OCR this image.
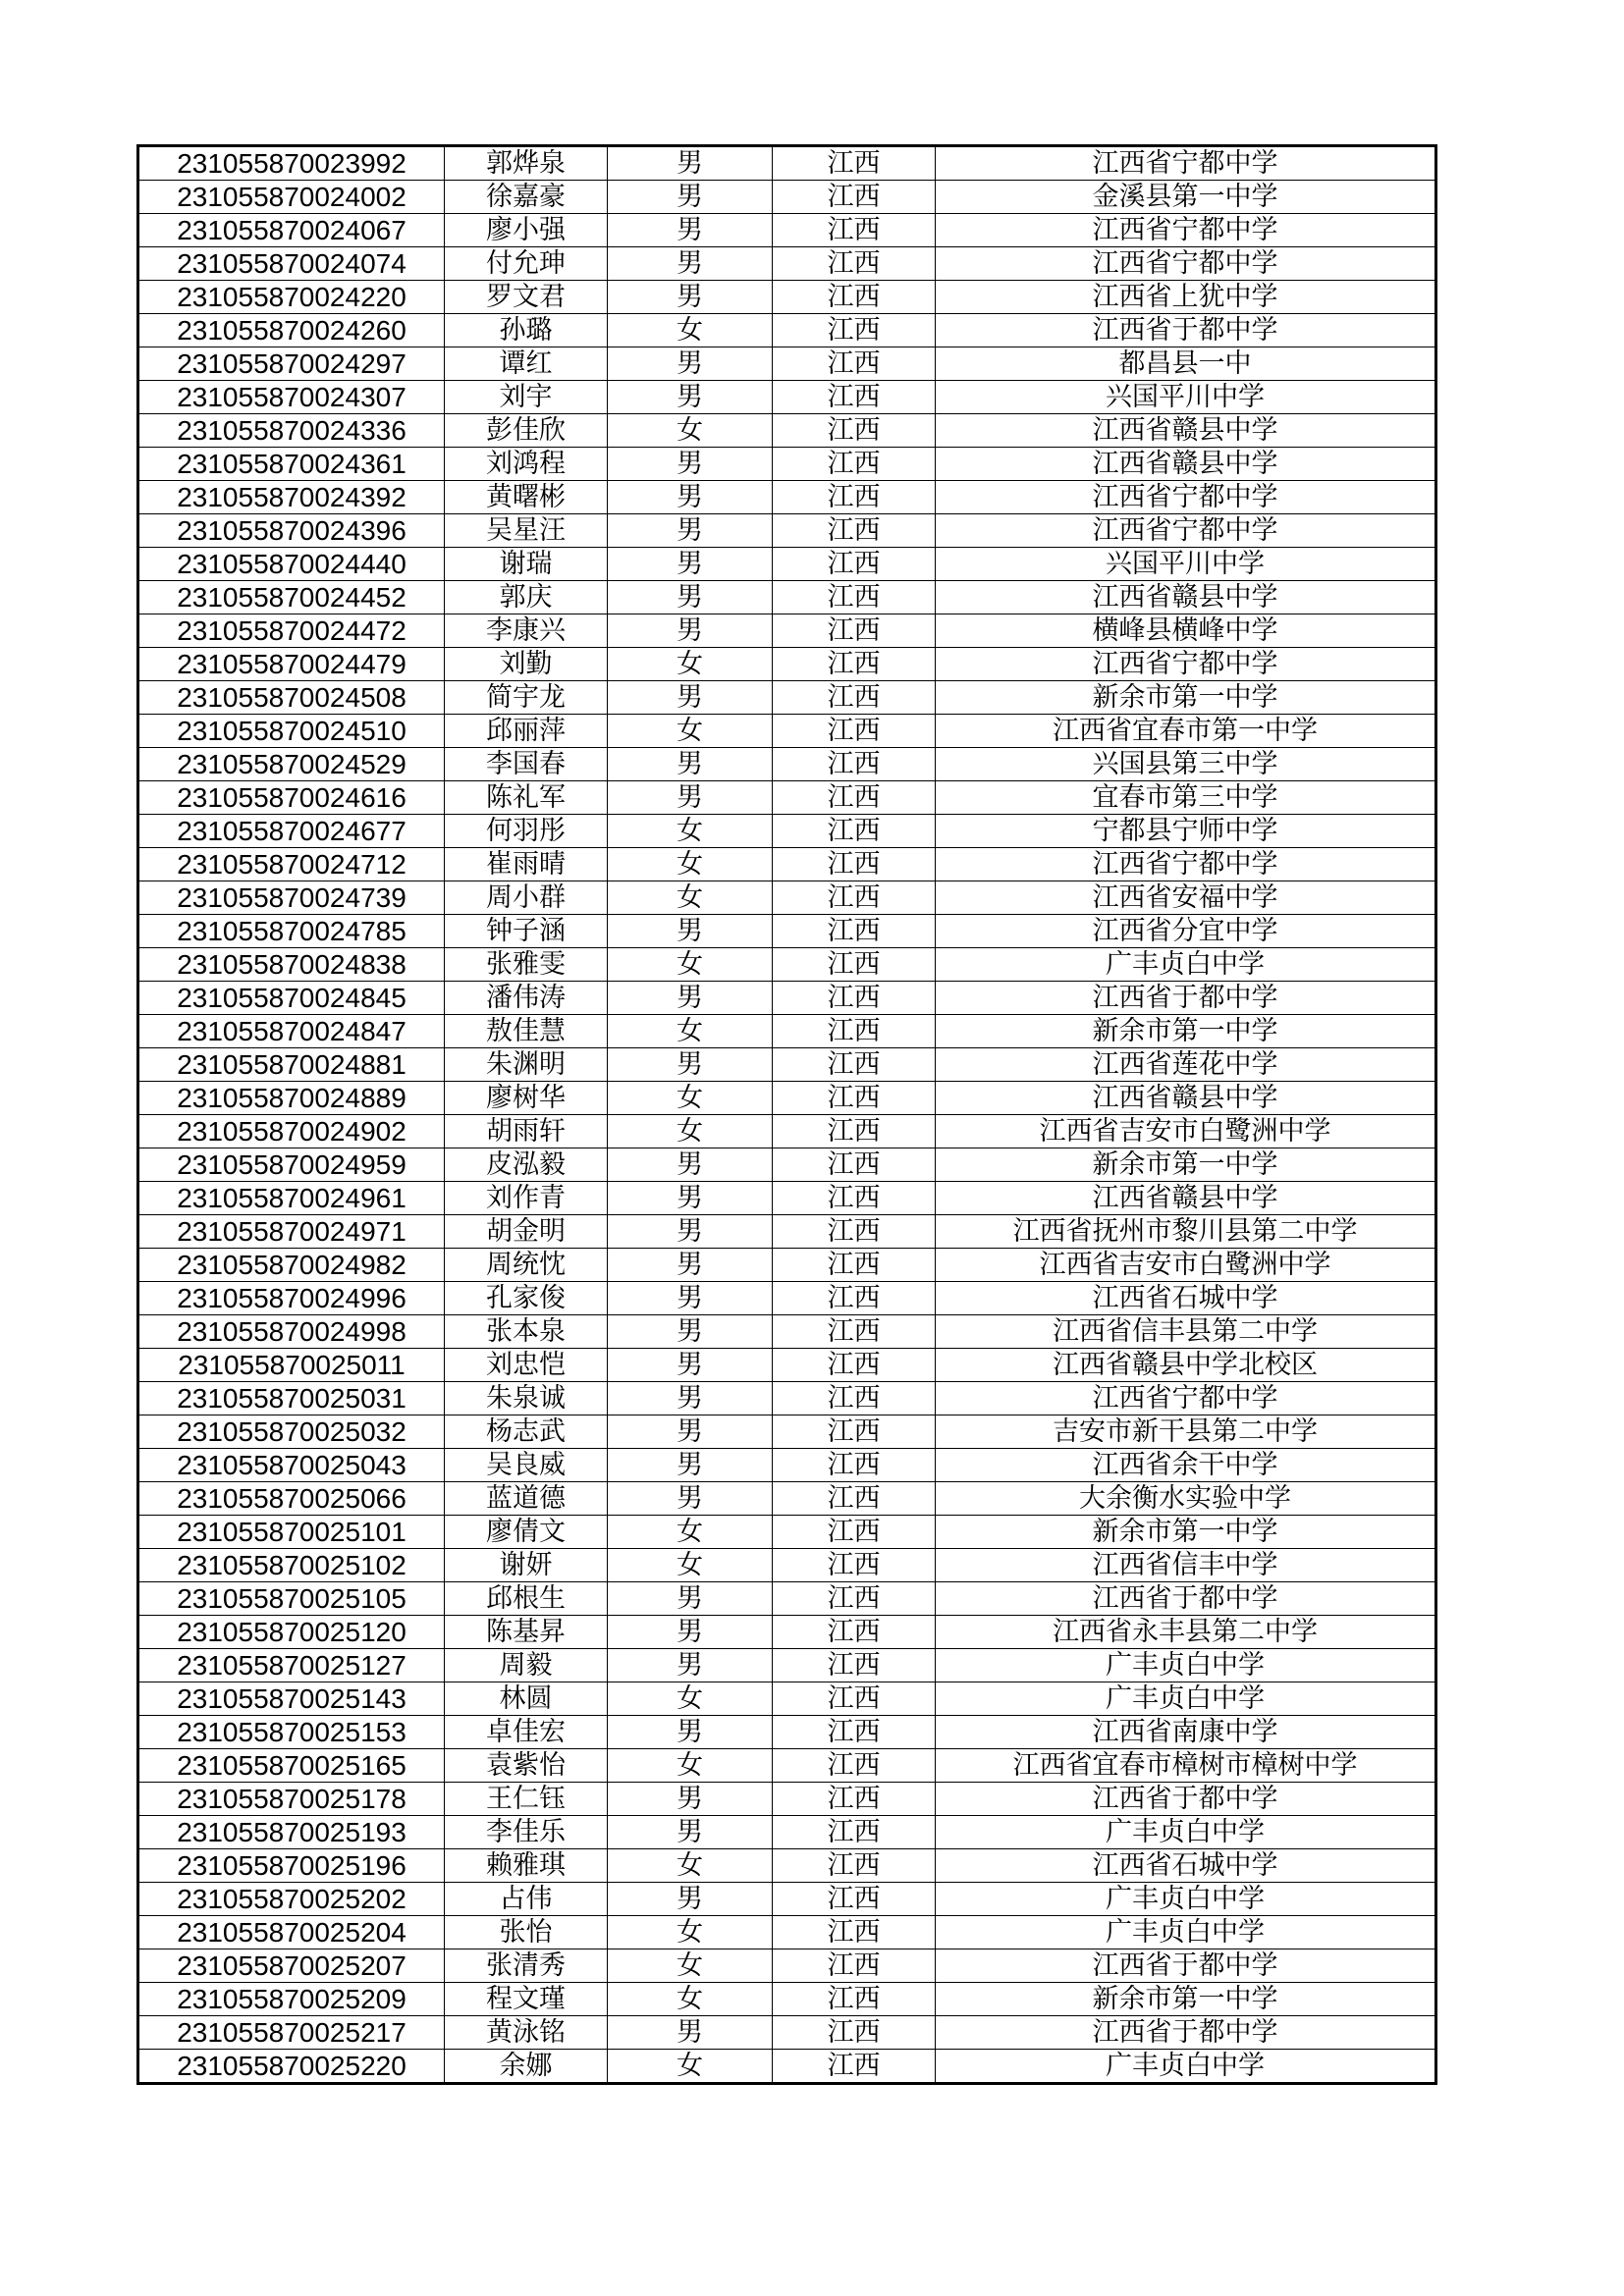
231055870023992	郭烨泉	男	江西	江西省宁都中学
231055870024002	徐嘉豪	男	江西	金溪县第一中学
231055870024067	廖小强	男	江西	江西省宁都中学
231055870024074	付允珅	男	江西	江西省宁都中学
231055870024220	罗文君	男	江西	江西省上犹中学
231055870024260	孙璐	女	江西	江西省于都中学
231055870024297	谭红	男	江西	都昌县一中
231055870024307	刘宇	男	江西	兴国平川中学
231055870024336	彭佳欣	女	江西	江西省赣县中学
231055870024361	刘鸿程	男	江西	江西省赣县中学
231055870024392	黄曙彬	男	江西	江西省宁都中学
231055870024396	吴星汪	男	江西	江西省宁都中学
231055870024440	谢瑞	男	江西	兴国平川中学
231055870024452	郭庆	男	江西	江西省赣县中学
231055870024472	李康兴	男	江西	横峰县横峰中学
231055870024479	刘勤	女	江西	江西省宁都中学
231055870024508	简宇龙	男	江西	新余市第一中学
231055870024510	邱丽萍	女	江西	江西省宜春市第一中学
231055870024529	李国春	男	江西	兴国县第三中学
231055870024616	陈礼军	男	江西	宜春市第三中学
231055870024677	何羽彤	女	江西	宁都县宁师中学
231055870024712	崔雨晴	女	江西	江西省宁都中学
231055870024739	周小群	女	江西	江西省安福中学
231055870024785	钟子涵	男	江西	江西省分宜中学
231055870024838	张雅雯	女	江西	广丰贞白中学
231055870024845	潘伟涛	男	江西	江西省于都中学
231055870024847	敖佳慧	女	江西	新余市第一中学
231055870024881	朱渊明	男	江西	江西省莲花中学
231055870024889	廖树华	女	江西	江西省赣县中学
231055870024902	胡雨轩	女	江西	江西省吉安市白鹭洲中学
231055870024959	皮泓毅	男	江西	新余市第一中学
231055870024961	刘作青	男	江西	江西省赣县中学
231055870024971	胡金明	男	江西	江西省抚州市黎川县第二中学
231055870024982	周统忱	男	江西	江西省吉安市白鹭洲中学
231055870024996	孔家俊	男	江西	江西省石城中学
231055870024998	张本泉	男	江西	江西省信丰县第二中学
231055870025011	刘忠恺	男	江西	江西省赣县中学北校区
231055870025031	朱泉诚	男	江西	江西省宁都中学
231055870025032	杨志武	男	江西	吉安市新干县第二中学
231055870025043	吴良威	男	江西	江西省余干中学
231055870025066	蓝道德	男	江西	大余衡水实验中学
231055870025101	廖倩文	女	江西	新余市第一中学
231055870025102	谢妍	女	江西	江西省信丰中学
231055870025105	邱根生	男	江西	江西省于都中学
231055870025120	陈基昇	男	江西	江西省永丰县第二中学
231055870025127	周毅	男	江西	广丰贞白中学
231055870025143	林圆	女	江西	广丰贞白中学
231055870025153	卓佳宏	男	江西	江西省南康中学
231055870025165	袁紫怡	女	江西	江西省宜春市樟树市樟树中学
231055870025178	王仁钰	男	江西	江西省于都中学
231055870025193	李佳乐	男	江西	广丰贞白中学
231055870025196	赖雅琪	女	江西	江西省石城中学
231055870025202	占伟	男	江西	广丰贞白中学
231055870025204	张怡	女	江西	广丰贞白中学
231055870025207	张清秀	女	江西	江西省于都中学
231055870025209	程文瑾	女	江西	新余市第一中学
231055870025217	黄泳铭	男	江西	江西省于都中学
231055870025220	余娜	女	江西	广丰贞白中学
